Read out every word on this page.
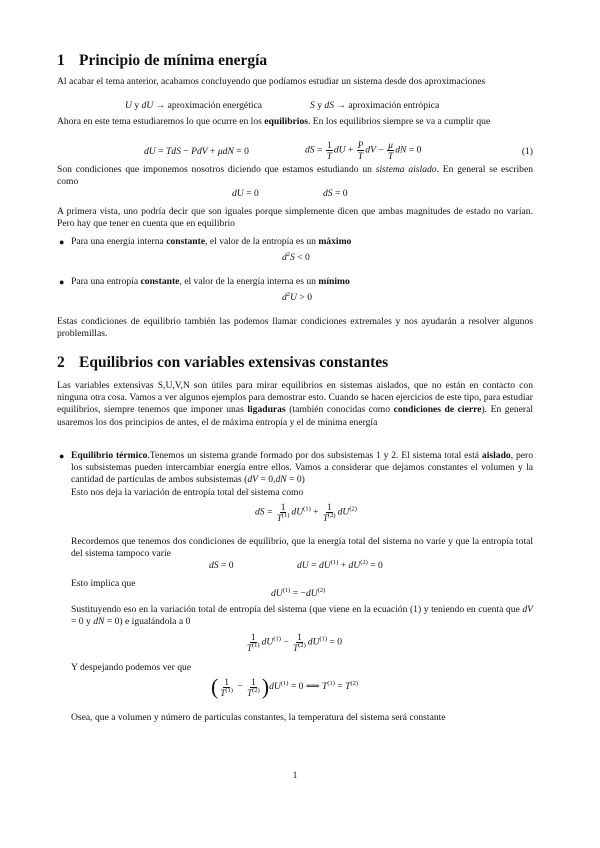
1 Principio de mínima energía

Al acabar el tema anterior, acabamos concluyendo que podíamos estudiar un sistema desde dos aproximaciones

U y dU → aproximación energética	S y dS → aproximación entrópica

Ahora en este tema estudiaremos lo que ocurre en los equilibrios. En los equilibrios siempre se va a cumplir que

dU = TdS − PdV + μdN = 0	dS = $\frac{1}{T}$ dU + $\frac{P}{T}$ dV − $\frac{\mu}{T}$ dN = 0	(1)

Son condiciones que imponemos nosotros diciendo que estamos estudiando un sistema aislado. En general se escriben como

dU = 0	dS = 0

A primera vista, uno podría decir que son iguales porque simplemente dicen que ambas magnitudes de estado no varían. Pero hay que tener en cuenta que en equilibrio

● Para una energía interna constante, el valor de la entropía es un máximo
$d^2S < 0$
● Para una entropía constante, el valor de la energía interna es un mínimo
$d^2U > 0$

Estas condiciones de equilibrio también las podemos llamar condiciones extremales y nos ayudarán a resolver algunos problemillas.

2 Equilibrios con variables extensivas constantes

Las variables extensivas S,U,V,N son útiles para mirar equilibrios en sistemas aislados, que no están en contacto con ninguna otra cosa. Vamos a ver algunos ejemplos para demostrar esto. Cuando se hacen ejercicios de este tipo, para estudiar equilibrios, siempre tenemos que imponer unas ligaduras (también conocidas como condiciones de cierre). En general usaremos los dos principios de antes, el de máxima entropía y el de mínima energía

● Equilibrio térmico.Tenemos un sistema grande formado por dos subsistemas 1 y 2. El sistema total está aislado, pero los subsistemas pueden intercambiar energía entre ellos. Vamos a considerar que dejamos constantes el volumen y la cantidad de partículas de ambos subsistemas (dV = 0,dN = 0)

Esto nos deja la variación de entropía total del sistema como

dS = $\frac{1}{T^{(1)}} dU^{(1)} + \frac{1}{T^{(2)}} dU^{(2)}$

Recordemos que tenemos dos condiciones de equilibrio, que la energía total del sistema no varíe y que la entropía total del sistema tampoco varíe

dS = 0	dU = $dU^{(1)} + dU^{(2)} = 0$

Esto implica que

$dU^{(1)} = -dU^{(2)}$

Sustituyendo eso en la variación total de entropía del sistema (que viene en la ecuación (1) y teniendo en cuenta que dV = 0 y dN = 0) e igualándola a 0

$\frac{1}{T^{(1)}} dU^{(1)} - \frac{1}{T^{(2)}} dU^{(1)} = 0$

Y despejando podemos ver que

( $\frac{1}{T^{(1)}} - \frac{1}{T^{(2)}} )dU^{(1)} = 0$ ⟹ $T^{(1)} = T^{(2)}$

Osea, que a volumen y número de partículas constantes, la temperatura del sistema será constante

1
